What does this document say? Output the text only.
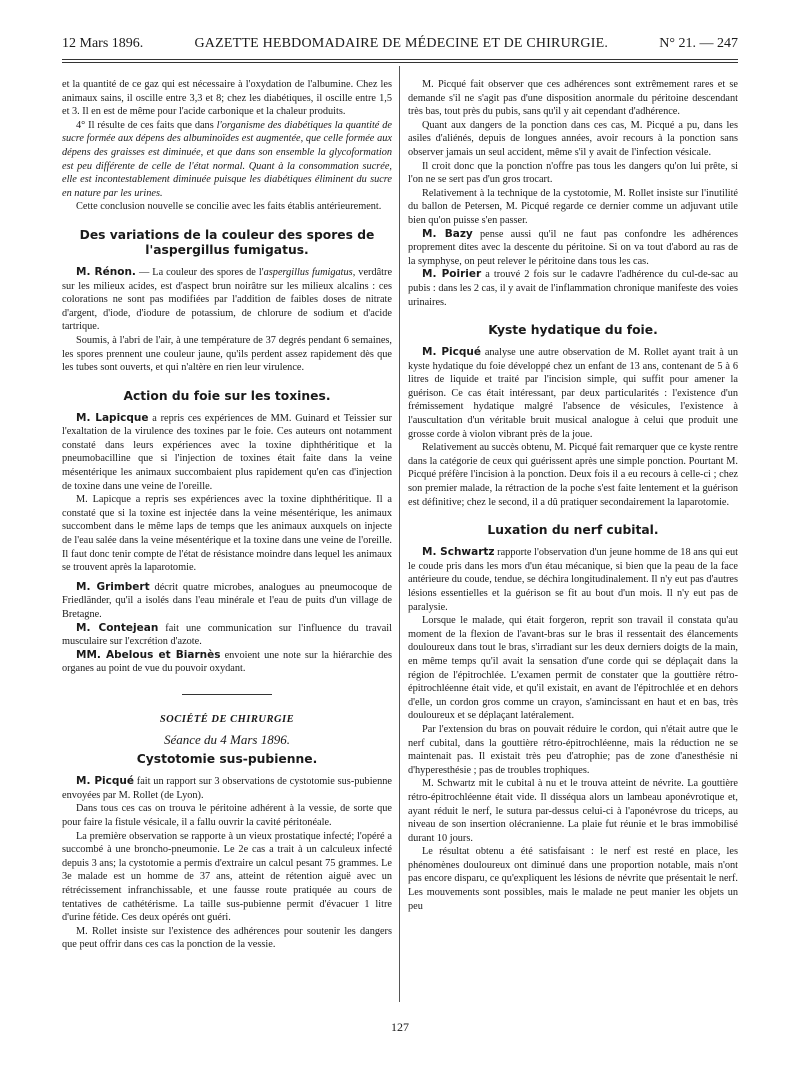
12 Mars 1896.	GAZETTE HEBDOMADAIRE DE MÉDECINE ET DE CHIRURGIE.	N° 21. — 247

et la quantité de ce gaz qui est nécessaire à l'oxydation de l'albumine. Chez les animaux sains, il oscille entre 3,3 et 8; chez les diabétiques, il oscille entre 1,5 et 3. Il en est de même pour l'acide carbonique et la chaleur produits.

4° Il résulte de ces faits que dans l'organisme des diabétiques la quantité de sucre formée aux dépens des albuminoïdes est augmentée, que celle formée aux dépens des graisses est diminuée, et que dans son ensemble la glycoformation est peu différente de celle de l'état normal. Quant à la consommation sucrée, elle est incontestablement diminuée puisque les diabétiques éliminent du sucre en nature par les urines.

Cette conclusion nouvelle se concilie avec les faits établis antérieurement.

Des variations de la couleur des spores de l'aspergillus fumigatus.

M. Rénon. — La couleur des spores de l'aspergillus fumigatus, verdâtre sur les milieux acides, est d'aspect brun noirâtre sur les milieux alcalins : ces colorations ne sont pas modifiées par l'addition de faibles doses de nitrate d'argent, d'iode, d'iodure de potassium, de chlorure de sodium et d'acide tartrique.

Soumis, à l'abri de l'air, à une température de 37 degrés pendant 6 semaines, les spores prennent une couleur jaune, qu'ils perdent assez rapidement dès que les tubes sont ouverts, et qui n'altère en rien leur virulence.

Action du foie sur les toxines.

M. Lapicque a repris ces expériences de MM. Guinard et Teissier sur l'exaltation de la virulence des toxines par le foie. Ces auteurs ont notamment constaté dans leurs expériences avec la toxine diphthéritique et la pneumobacilline que si l'injection de toxines était faite dans la veine mésentérique les animaux succombaient plus rapidement qu'en cas d'injection de toxine dans une veine de l'oreille.

M. Lapicque a repris ses expériences avec la toxine diphthéritique. Il a constaté que si la toxine est injectée dans la veine mésentérique, les animaux succombent dans le même laps de temps que les animaux auxquels on injecte de l'eau salée dans la veine mésentérique et la toxine dans une veine de l'oreille. Il faut donc tenir compte de l'état de résistance moindre dans lequel les animaux se trouvent après la laparotomie.

M. Grimbert décrit quatre microbes, analogues au pneumocoque de Friedländer, qu'il a isolés dans l'eau minérale et l'eau de puits d'un village de Bretagne.

M. Contejean fait une communication sur l'influence du travail musculaire sur l'excrétion d'azote.

MM. Abelous et Biarnès envoient une note sur la hiérarchie des organes au point de vue du pouvoir oxydant.

SOCIÉTÉ DE CHIRURGIE
Séance du 4 Mars 1896.
Cystotomie sus-pubienne.

M. Picqué fait un rapport sur 3 observations de cystotomie sus-pubienne envoyées par M. Rollet (de Lyon).

Dans tous ces cas on trouva le péritoine adhérent à la vessie, de sorte que pour faire la fistule vésicale, il a fallu ouvrir la cavité péritonéale.

La première observation se rapporte à un vieux prostatique infecté; l'opéré a succombé à une broncho-pneumonie. Le 2e cas a trait à un calculeux infecté depuis 3 ans; la cystotomie a permis d'extraire un calcul pesant 75 grammes. Le 3e malade est un homme de 37 ans, atteint de rétention aiguë avec un rétrécissement infranchissable, et une fausse route pratiquée au cours de tentatives de cathétérisme. La taille sus-pubienne permit d'évacuer 1 litre d'urine fétide. Ces deux opérés ont guéri.

M. Rollet insiste sur l'existence des adhérences pour soutenir les dangers que peut offrir dans ces cas la ponction de la vessie.

M. Picqué fait observer que ces adhérences sont extrêmement rares et se demande s'il ne s'agit pas d'une disposition anormale du péritoine descendant très bas, tout près du pubis, sans qu'il y ait cependant d'adhérence.

Quant aux dangers de la ponction dans ces cas, M. Picqué a pu, dans les asiles d'aliénés, depuis de longues années, avoir recours à la ponction sans observer jamais un seul accident, même s'il y avait de l'infection vésicale.

Il croit donc que la ponction n'offre pas tous les dangers qu'on lui prête, si l'on ne se sert pas d'un gros trocart.

Relativement à la technique de la cystotomie, M. Rollet insiste sur l'inutilité du ballon de Petersen, M. Picqué regarde ce dernier comme un adjuvant utile bien qu'on puisse s'en passer.

M. Bazy pense aussi qu'il ne faut pas confondre les adhérences proprement dites avec la descente du péritoine. Si on va tout d'abord au ras de la symphyse, on peut relever le péritoine dans tous les cas.

M. Poirier a trouvé 2 fois sur le cadavre l'adhérence du cul-de-sac au pubis : dans les 2 cas, il y avait de l'inflammation chronique manifeste des voies urinaires.

Kyste hydatique du foie.

M. Picqué analyse une autre observation de M. Rollet ayant trait à un kyste hydatique du foie développé chez un enfant de 13 ans, contenant de 5 à 6 litres de liquide et traité par l'incision simple, qui suffit pour amener la guérison. Ce cas était intéressant, par deux particularités : l'existence d'un frémissement hydatique malgré l'absence de vésicules, l'existence à l'auscultation d'un véritable bruit musical analogue à celui que produit une grosse corde à violon vibrant près de la joue.

Relativement au succès obtenu, M. Picqué fait remarquer que ce kyste rentre dans la catégorie de ceux qui guérissent après une simple ponction. Pourtant M. Picqué préfère l'incision à la ponction. Deux fois il a eu recours à celle-ci ; chez son premier malade, la rétraction de la poche s'est faite lentement et la guérison est définitive; chez le second, il a dû pratiquer secondairement la laparotomie.

Luxation du nerf cubital.

M. Schwartz rapporte l'observation d'un jeune homme de 18 ans qui eut le coude pris dans les mors d'un étau mécanique, si bien que la peau de la face antérieure du coude, tendue, se déchira longitudinalement. Il n'y eut pas d'autres lésions essentielles et la guérison se fit au bout d'un mois. Il n'y eut pas de paralysie.

Lorsque le malade, qui était forgeron, reprit son travail il constata qu'au moment de la flexion de l'avant-bras sur le bras il ressentait des élancements douloureux dans tout le bras, s'irradiant sur les deux derniers doigts de la main, en même temps qu'il avait la sensation d'une corde qui se déplaçait dans la région de l'épitrochlée. L'examen permit de constater que la gouttière rétro-épitrochléenne était vide, et qu'il existait, en avant de l'épitrochlée et en dehors d'elle, un cordon gros comme un crayon, s'amincissant en haut et en bas, très douloureux et se déplaçant latéralement.

Par l'extension du bras on pouvait réduire le cordon, qui n'était autre que le nerf cubital, dans la gouttière rétro-épitrochléenne, mais la réduction ne se maintenait pas. Il existait très peu d'atrophie; pas de zone d'anesthésie ni d'hyperesthésie ; pas de troubles trophiques.

M. Schwartz mit le cubital à nu et le trouva atteint de névrite. La gouttière rétro-épitrochléenne était vide. Il disséqua alors un lambeau aponévrotique et, ayant réduit le nerf, le sutura par-dessus celui-ci à l'aponévrose du triceps, au niveau de son insertion olécranienne. La plaie fut réunie et le bras immobilisé durant 10 jours.

Le résultat obtenu a été satisfaisant : le nerf est resté en place, les phénomènes douloureux ont diminué dans une proportion notable, mais n'ont pas encore disparu, ce qu'expliquent les lésions de névrite que présentait le nerf. Les mouvements sont possibles, mais le malade ne peut manier les objets un peu

127
